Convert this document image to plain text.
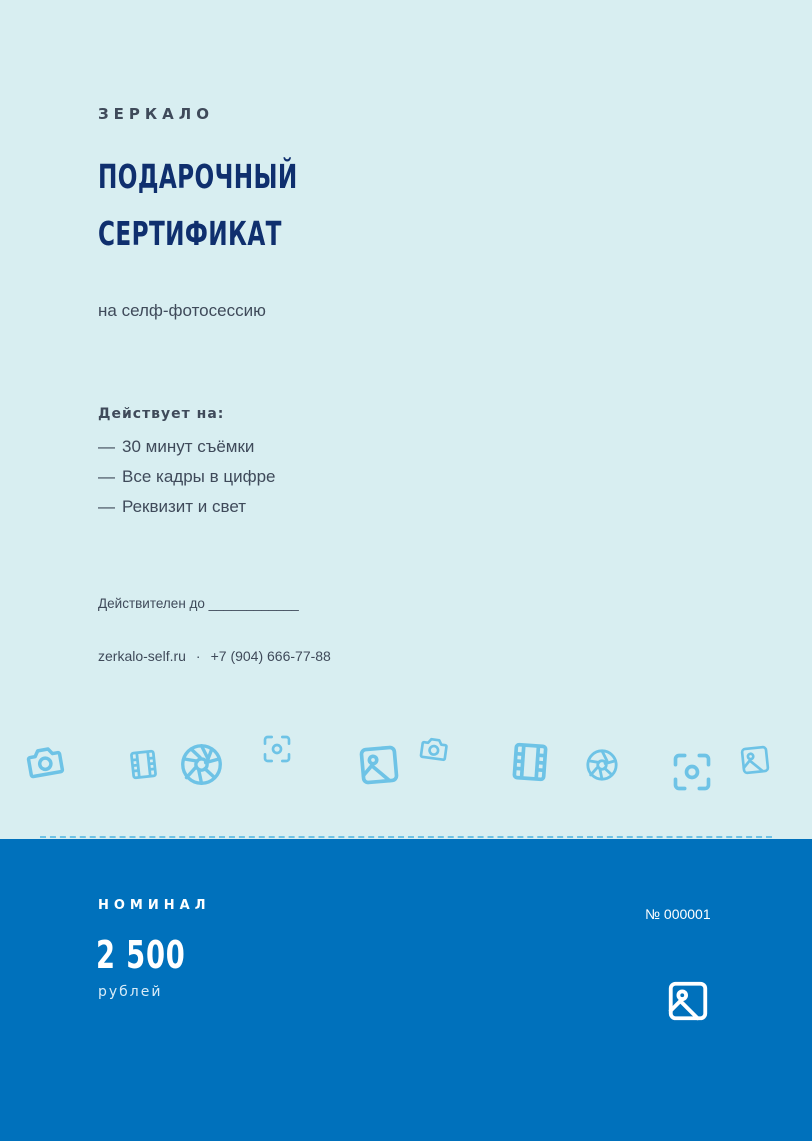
ЗЕРКАЛО
ПОДАРОЧНЫЙ
СЕРТИФИКАТ
на селф-фотосессию
Действует на:
— 30 минут съёмки
— Все кадры в цифре
— Реквизит и свет
Действителен до ____________
zerkalo-self.ru · +7 (904) 666-77-88
НОМИНАЛ
2 500
рублей
№ 000001
